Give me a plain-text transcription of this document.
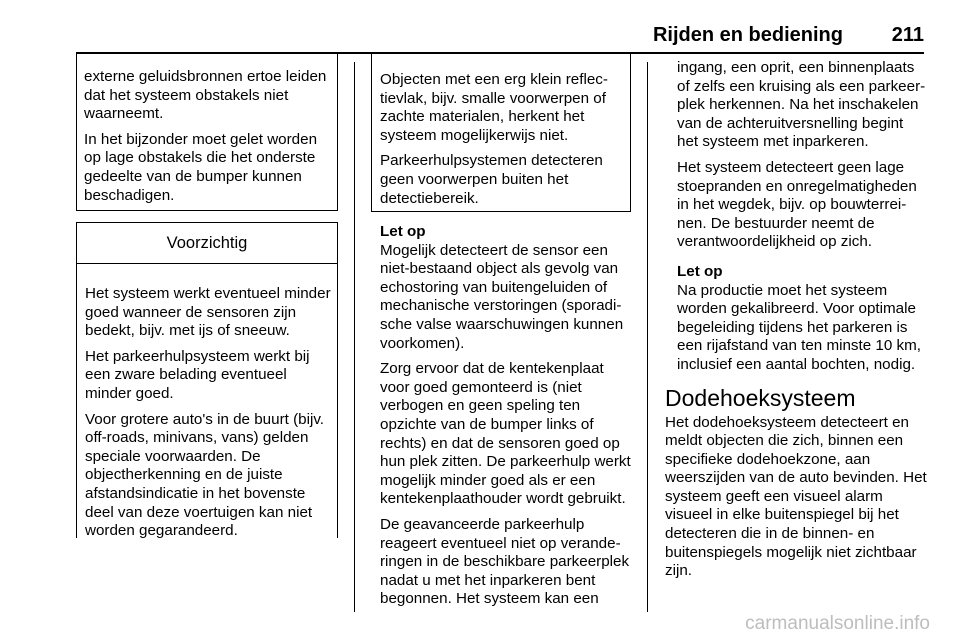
Rijden en bediening 211

externe geluidsbronnen ertoe leiden dat het systeem obstakels niet waarneemt.

In het bijzonder moet gelet worden op lage obstakels die het onderste gedeelte van de bumper kunnen beschadigen.

Voorzichtig

Het systeem werkt eventueel minder goed wanneer de sensoren zijn bedekt, bijv. met ijs of sneeuw.

Het parkeerhulpsysteem werkt bij een zware belading eventueel minder goed.

Voor grotere auto's in de buurt (bijv. off-roads, minivans, vans) gelden speciale voorwaarden. De objectherkenning en de juiste afstandsindicatie in het bovenste deel van deze voertuigen kan niet worden gegarandeerd.

Objecten met een erg klein reflectievlak, bijv. smalle voorwerpen of zachte materialen, herkent het systeem mogelijkerwijs niet.

Parkeerhulpsystemen detecteren geen voorwerpen buiten het detectiebereik.

Let op

Mogelijk detecteert de sensor een niet-bestaand object als gevolg van echostoring van buitengeluiden of mechanische verstoringen (sporadische valse waarschuwingen kunnen voorkomen).

Zorg ervoor dat de kentekenplaat voor goed gemonteerd is (niet verbogen en geen speling ten opzichte van de bumper links of rechts) en dat de sensoren goed op hun plek zitten. De parkeerhulp werkt mogelijk minder goed als er een kentekenplaathouder wordt gebruikt.

De geavanceerde parkeerhulp reageert eventueel niet op veranderingen in de beschikbare parkeerplek nadat u met het inparkeren bent begonnen. Het systeem kan een

ingang, een oprit, een binnenplaats of zelfs een kruising als een parkeerplek herkennen. Na het inschakelen van de achteruitversnelling begint het systeem met inparkeren.

Het systeem detecteert geen lage stoepranden en onregelmatigheden in het wegdek, bijv. op bouwterreinen. De bestuurder neemt de verantwoordelijkheid op zich.

Let op

Na productie moet het systeem worden gekalibreerd. Voor optimale begeleiding tijdens het parkeren is een rijafstand van ten minste 10 km, inclusief een aantal bochten, nodig.

Dodehoeksysteem

Het dodehoeksysteem detecteert en meldt objecten die zich, binnen een specifieke dodehoekzone, aan weerszijden van de auto bevinden. Het systeem geeft een visueel alarm visueel in elke buitenspiegel bij het detecteren die in de binnen- en buitenspiegels mogelijk niet zichtbaar zijn.

carmanualsonline.info
